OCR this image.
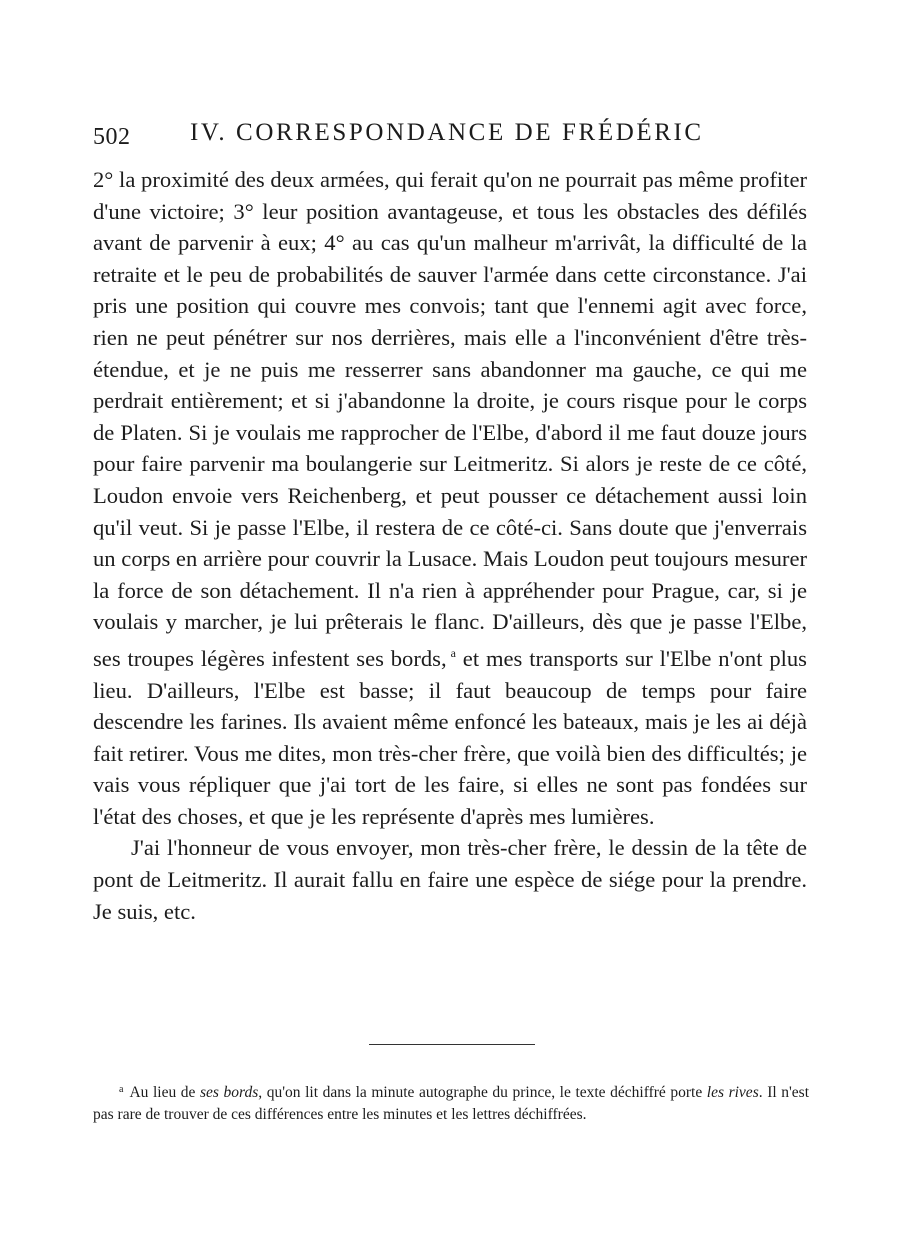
502 IV. CORRESPONDANCE DE FRÉDÉRIC

2° la proximité des deux armées, qui ferait qu'on ne pourrait pas même profiter d'une victoire; 3° leur position avantageuse, et tous les obstacles des défilés avant de parvenir à eux; 4° au cas qu'un malheur m'arrivât, la difficulté de la retraite et le peu de probabilités de sauver l'armée dans cette circonstance. J'ai pris une position qui couvre mes convois; tant que l'ennemi agit avec force, rien ne peut pénétrer sur nos derrières, mais elle a l'inconvénient d'être très-étendue, et je ne puis me resserrer sans abandonner ma gauche, ce qui me perdrait entièrement; et si j'abandonne la droite, je cours risque pour le corps de Platen. Si je voulais me rapprocher de l'Elbe, d'abord il me faut douze jours pour faire parvenir ma boulangerie sur Leitmeritz. Si alors je reste de ce côté, Loudon envoie vers Reichenberg, et peut pousser ce détachement aussi loin qu'il veut. Si je passe l'Elbe, il restera de ce côté-ci. Sans doute que j'enverrais un corps en arrière pour couvrir la Lusace. Mais Loudon peut toujours mesurer la force de son détachement. Il n'a rien à appréhender pour Prague, car, si je voulais y marcher, je lui prêterais le flanc. D'ailleurs, dès que je passe l'Elbe, ses troupes légères infestent ses bords, $^a$ et mes transports sur l'Elbe n'ont plus lieu. D'ailleurs, l'Elbe est basse; il faut beaucoup de temps pour faire descendre les farines. Ils avaient même enfoncé les bateaux, mais je les ai déjà fait retirer. Vous me dites, mon très-cher frère, que voilà bien des difficultés; je vais vous répliquer que j'ai tort de les faire, si elles ne sont pas fondées sur l'état des choses, et que je les représente d'après mes lumières.

J'ai l'honneur de vous envoyer, mon très-cher frère, le dessin de la tête de pont de Leitmeritz. Il aurait fallu en faire une espèce de siége pour la prendre. Je suis, etc.

$^a$ Au lieu de ses bords, qu'on lit dans la minute autographe du prince, le texte déchiffré porte les rives. Il n'est pas rare de trouver de ces différences entre les minutes et les lettres déchiffrées.
